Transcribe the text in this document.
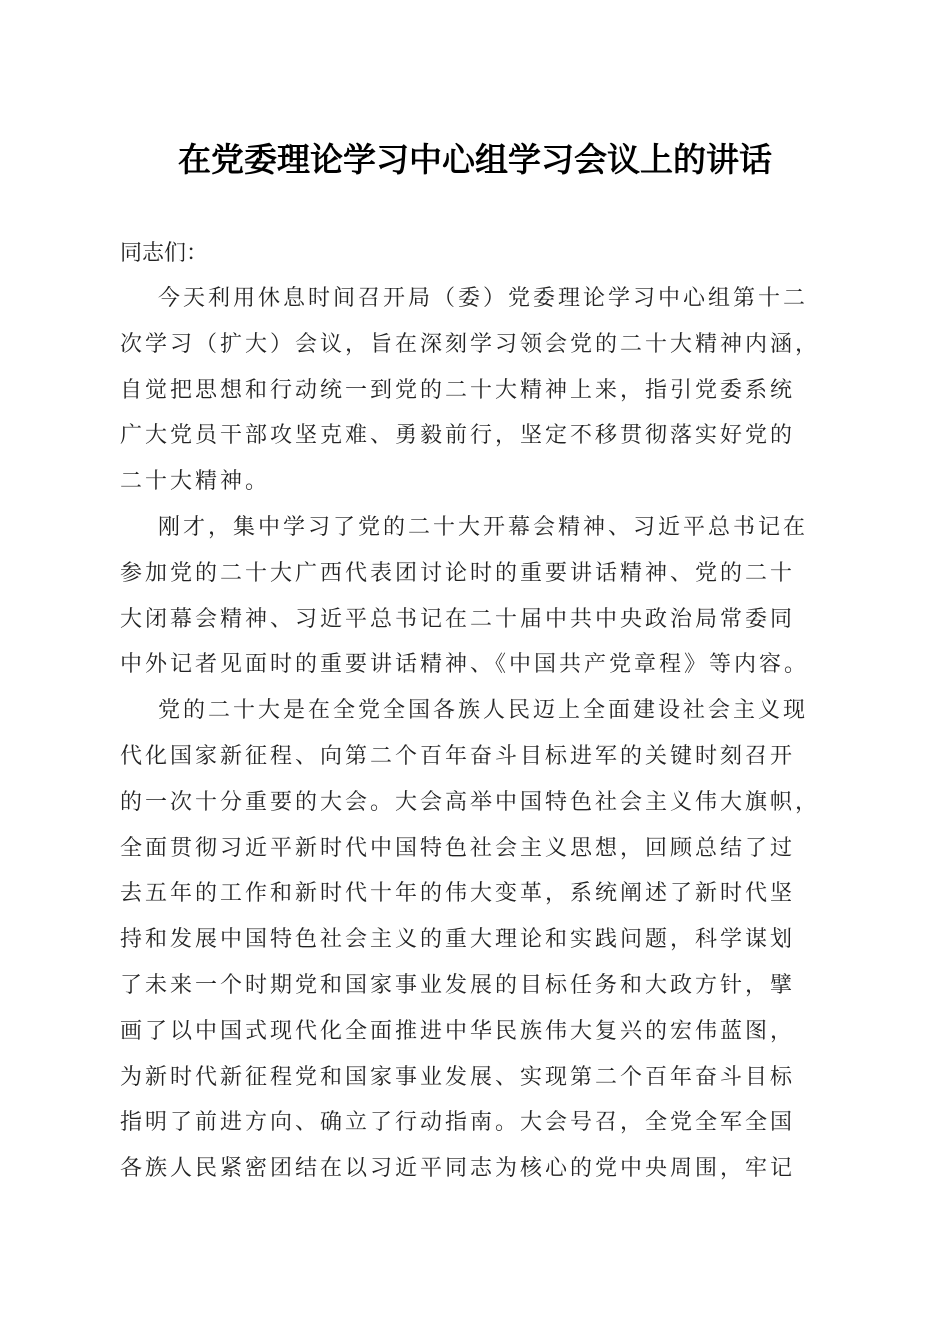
在党委理论学习中心组学习会议上的讲话
同志们：
今天利用休息时间召开局（委）党委理论学习中心组第十二
次学习（扩大）会议，旨在深刻学习领会党的二十大精神内涵，
自觉把思想和行动统一到党的二十大精神上来，指引党委系统
广大党员干部攻坚克难、勇毅前行，坚定不移贯彻落实好党的
二十大精神。
刚才，集中学习了党的二十大开幕会精神、习近平总书记在
参加党的二十大广西代表团讨论时的重要讲话精神、党的二十
大闭幕会精神、习近平总书记在二十届中共中央政治局常委同
中外记者见面时的重要讲话精神、《中国共产党章程》等内容。
党的二十大是在全党全国各族人民迈上全面建设社会主义现
代化国家新征程、向第二个百年奋斗目标进军的关键时刻召开
的一次十分重要的大会。大会高举中国特色社会主义伟大旗帜，
全面贯彻习近平新时代中国特色社会主义思想，回顾总结了过
去五年的工作和新时代十年的伟大变革，系统阐述了新时代坚
持和发展中国特色社会主义的重大理论和实践问题，科学谋划
了未来一个时期党和国家事业发展的目标任务和大政方针，擘
画了以中国式现代化全面推进中华民族伟大复兴的宏伟蓝图，
为新时代新征程党和国家事业发展、实现第二个百年奋斗目标
指明了前进方向、确立了行动指南。大会号召，全党全军全国
各族人民紧密团结在以习近平同志为核心的党中央周围，牢记
